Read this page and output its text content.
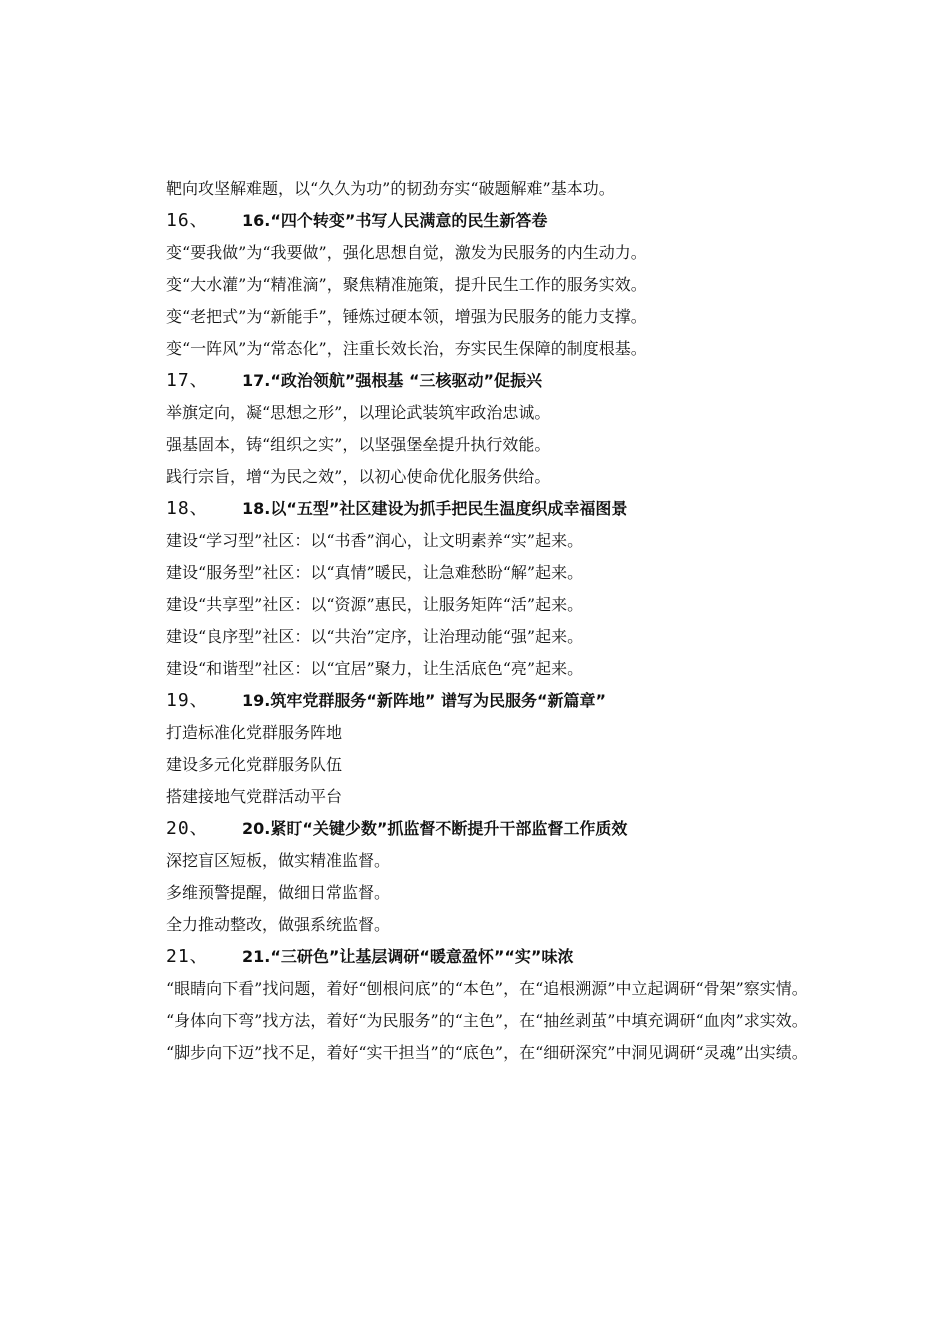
靶向攻坚解难题，以“久久为功”的韧劲夯实“破题解难”基本功。
16、	16.“四个转变”书写人民满意的民生新答卷
变“要我做”为“我要做”，强化思想自觉，激发为民服务的内生动力。
变“大水灌”为“精准滴”，聚焦精准施策，提升民生工作的服务实效。
变“老把式”为“新能手”，锤炼过硬本领，增强为民服务的能力支撑。
变“一阵风”为“常态化”，注重长效长治，夯实民生保障的制度根基。
17、	17.“政治领航”强根基 “三核驱动”促振兴
举旗定向，凝“思想之形”，以理论武装筑牢政治忠诚。
强基固本，铸“组织之实”，以坚强堡垒提升执行效能。
践行宗旨，增“为民之效”，以初心使命优化服务供给。
18、	18.以“五型”社区建设为抓手把民生温度织成幸福图景
建设“学习型”社区：以“书香”润心，让文明素养“实”起来。
建设“服务型”社区：以“真情”暖民，让急难愁盼“解”起来。
建设“共享型”社区：以“资源”惠民，让服务矩阵“活”起来。
建设“良序型”社区：以“共治”定序，让治理动能“强”起来。
建设“和谐型”社区：以“宜居”聚力，让生活底色“亮”起来。
19、	19.筑牢党群服务“新阵地” 谱写为民服务“新篇章”
打造标准化党群服务阵地
建设多元化党群服务队伍
搭建接地气党群活动平台
20、	20.紧盯“关键少数”抓监督不断提升干部监督工作质效
深挖盲区短板，做实精准监督。
多维预警提醒，做细日常监督。
全力推动整改，做强系统监督。
21、	21.“三研色”让基层调研“暖意盈怀”“实”味浓
“眼睛向下看”找问题，着好“刨根问底”的“本色”，在“追根溯源”中立起调研“骨架”察实情。
“身体向下弯”找方法，着好“为民服务”的“主色”，在“抽丝剥茧”中填充调研“血肉”求实效。
“脚步向下迈”找不足，着好“实干担当”的“底色”，在“细研深究”中洞见调研“灵魂”出实绩。
